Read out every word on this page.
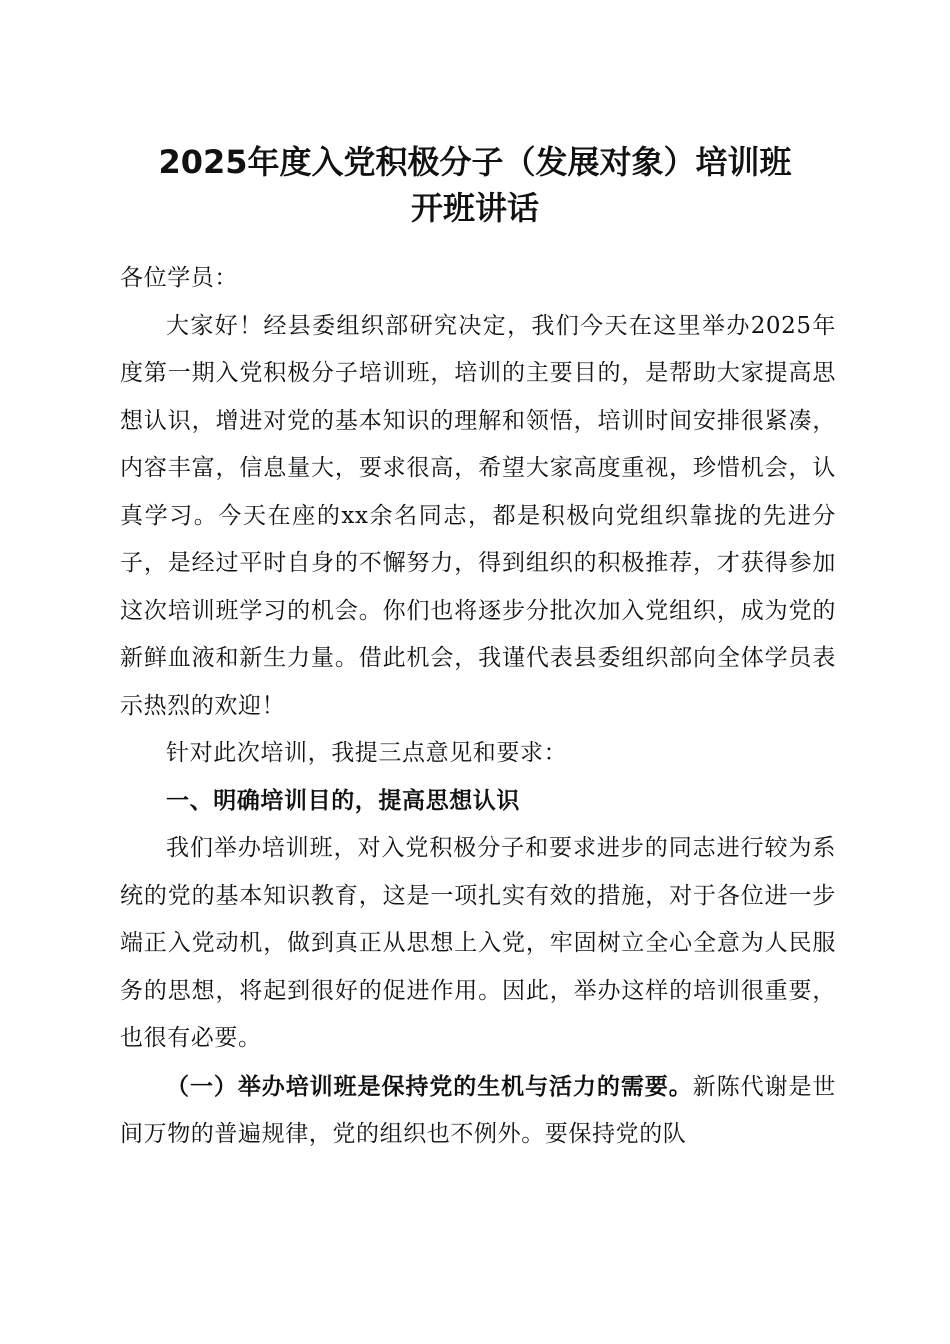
2025年度入党积极分子（发展对象）培训班
开班讲话

各位学员：

大家好！经县委组织部研究决定，我们今天在这里举办2025年度第一期入党积极分子培训班，培训的主要目的，是帮助大家提高思想认识，增进对党的基本知识的理解和领悟，培训时间安排很紧凑，内容丰富，信息量大，要求很高，希望大家高度重视，珍惜机会，认真学习。今天在座的xx余名同志，都是积极向党组织靠拢的先进分子，是经过平时自身的不懈努力，得到组织的积极推荐，才获得参加这次培训班学习的机会。你们也将逐步分批次加入党组织，成为党的新鲜血液和新生力量。借此机会，我谨代表县委组织部向全体学员表示热烈的欢迎！

针对此次培训，我提三点意见和要求：

一、明确培训目的，提高思想认识

我们举办培训班，对入党积极分子和要求进步的同志进行较为系统的党的基本知识教育，这是一项扎实有效的措施，对于各位进一步端正入党动机，做到真正从思想上入党，牢固树立全心全意为人民服务的思想，将起到很好的促进作用。因此，举办这样的培训很重要，也很有必要。

（一）举办培训班是保持党的生机与活力的需要。新陈代谢是世间万物的普遍规律，党的组织也不例外。要保持党的队
